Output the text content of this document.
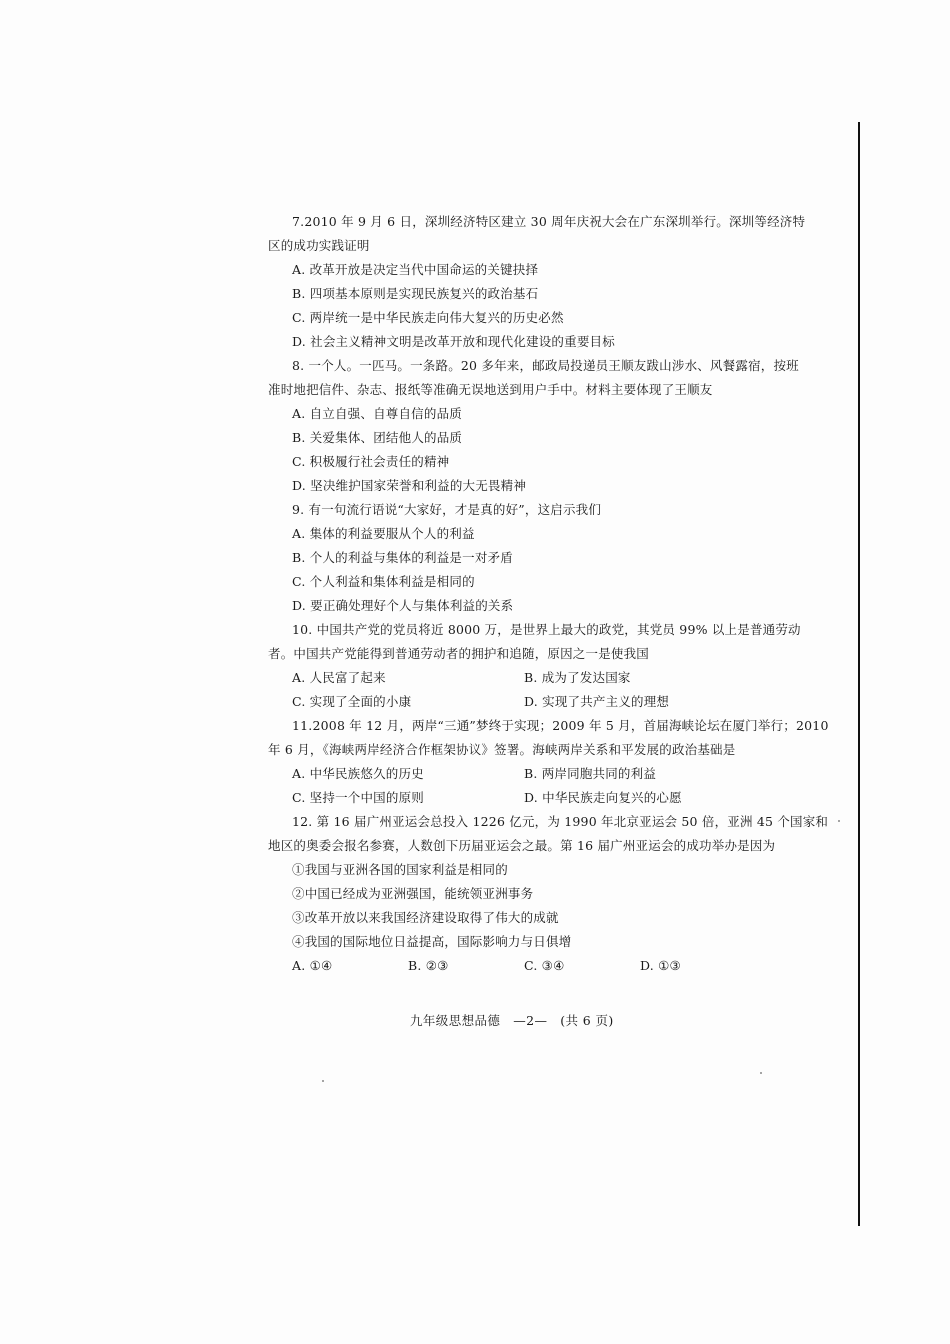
7.2010 年 9 月 6 日，深圳经济特区建立 30 周年庆祝大会在广东深圳举行。深圳等经济特
区的成功实践证明
A. 改革开放是决定当代中国命运的关键抉择
B. 四项基本原则是实现民族复兴的政治基石
C. 两岸统一是中华民族走向伟大复兴的历史必然
D. 社会主义精神文明是改革开放和现代化建设的重要目标
8. 一个人。一匹马。一条路。20 多年来，邮政局投递员王顺友跋山涉水、风餐露宿，按班
准时地把信件、杂志、报纸等准确无误地送到用户手中。材料主要体现了王顺友
A. 自立自强、自尊自信的品质
B. 关爱集体、团结他人的品质
C. 积极履行社会责任的精神
D. 坚决维护国家荣誉和利益的大无畏精神
9. 有一句流行语说“大家好，才是真的好”，这启示我们
A. 集体的利益要服从个人的利益
B. 个人的利益与集体的利益是一对矛盾
C. 个人利益和集体利益是相同的
D. 要正确处理好个人与集体利益的关系
10. 中国共产党的党员将近 8000 万，是世界上最大的政党，其党员 99% 以上是普通劳动
者。中国共产党能得到普通劳动者的拥护和追随，原因之一是使我国
A. 人民富了起来	B. 成为了发达国家
C. 实现了全面的小康	D. 实现了共产主义的理想
11.2008 年 12 月，两岸“三通”梦终于实现；2009 年 5 月，首届海峡论坛在厦门举行；2010
年 6 月，《海峡两岸经济合作框架协议》签署。海峡两岸关系和平发展的政治基础是
A. 中华民族悠久的历史	B. 两岸同胞共同的利益
C. 坚持一个中国的原则	D. 中华民族走向复兴的心愿
12. 第 16 届广州亚运会总投入 1226 亿元，为 1990 年北京亚运会 50 倍，亚洲 45 个国家和
地区的奥委会报名参赛，人数创下历届亚运会之最。第 16 届广州亚运会的成功举办是因为
①我国与亚洲各国的国家利益是相同的
②中国已经成为亚洲强国，能统领亚洲事务
③改革开放以来我国经济建设取得了伟大的成就
④我国的国际地位日益提高，国际影响力与日俱增
A. ①④	B. ②③	C. ③④	D. ①③
九年级思想品德　—2—　(共 6 页)
